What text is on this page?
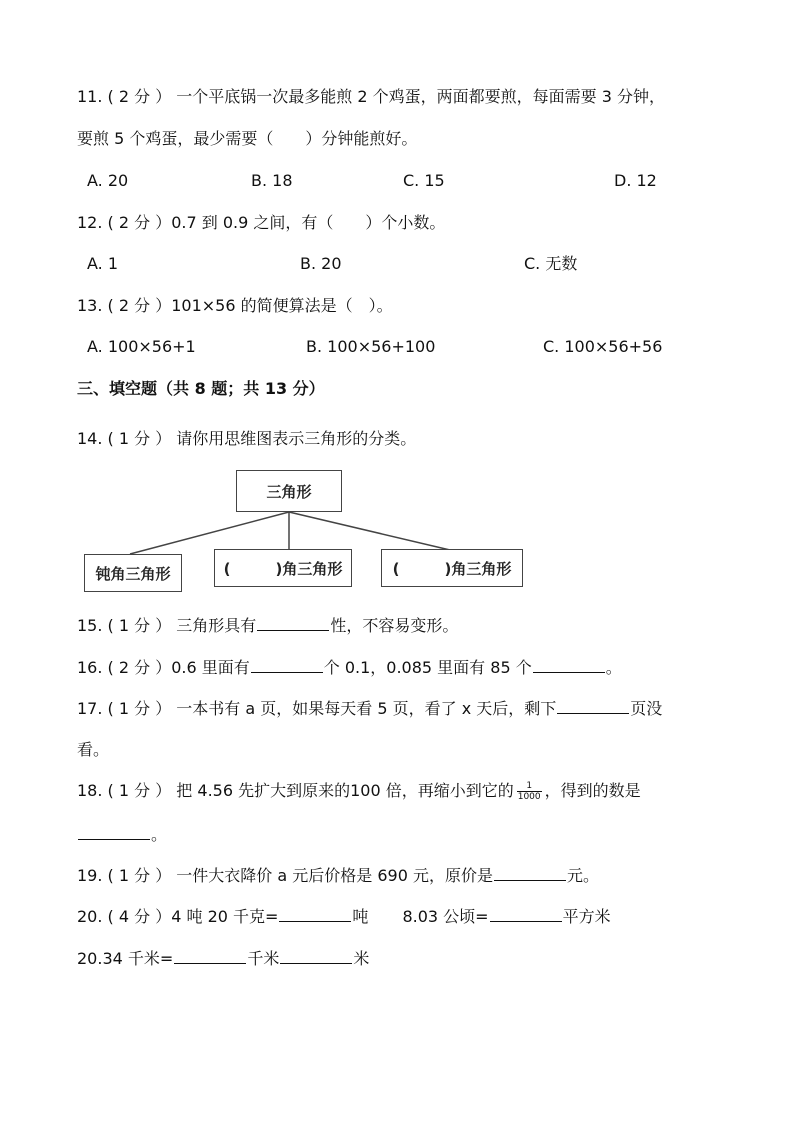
11. ( 2 分 ） 一个平底锅一次最多能煎 2 个鸡蛋，两面都要煎，每面需要 3 分钟，
要煎 5 个鸡蛋，最少需要（　　）分钟能煎好。
A. 20	B. 18	C. 15	D. 12
12. ( 2 分 ）0.7 到 0.9 之间，有（　　）个小数。
A. 1	B. 20	C. 无数
13. ( 2 分 ）101×56 的简便算法是（　）。
A. 100×56+1	B. 100×56+100	C. 100×56+56
三、填空题（共 8 题；共 13 分）
14. ( 1 分 ） 请你用思维图表示三角形的分类。
三角形
钝角三角形	(　　　)角三角形	(　　　)角三角形
15. ( 1 分 ） 三角形具有	性，不容易变形。
16. ( 2 分 ）0.6 里面有	个 0.1，0.085 里面有 85 个	。
17. ( 1 分 ） 一本书有 a 页，如果每天看 5 页，看了 x 天后，剩下	页没
看。
18. ( 1 分 ） 把 4.56 先扩大到原来的100 倍，再缩小到它的 $\frac{1}{1000}$ ，得到的数是
。
19. ( 1 分 ） 一件大衣降价 a 元后价格是 690 元，原价是	元。
20. ( 4 分 ）4 吨 20 千克=	吨 8.03 公顷=	平方米
20.34 千米=	千米	米
